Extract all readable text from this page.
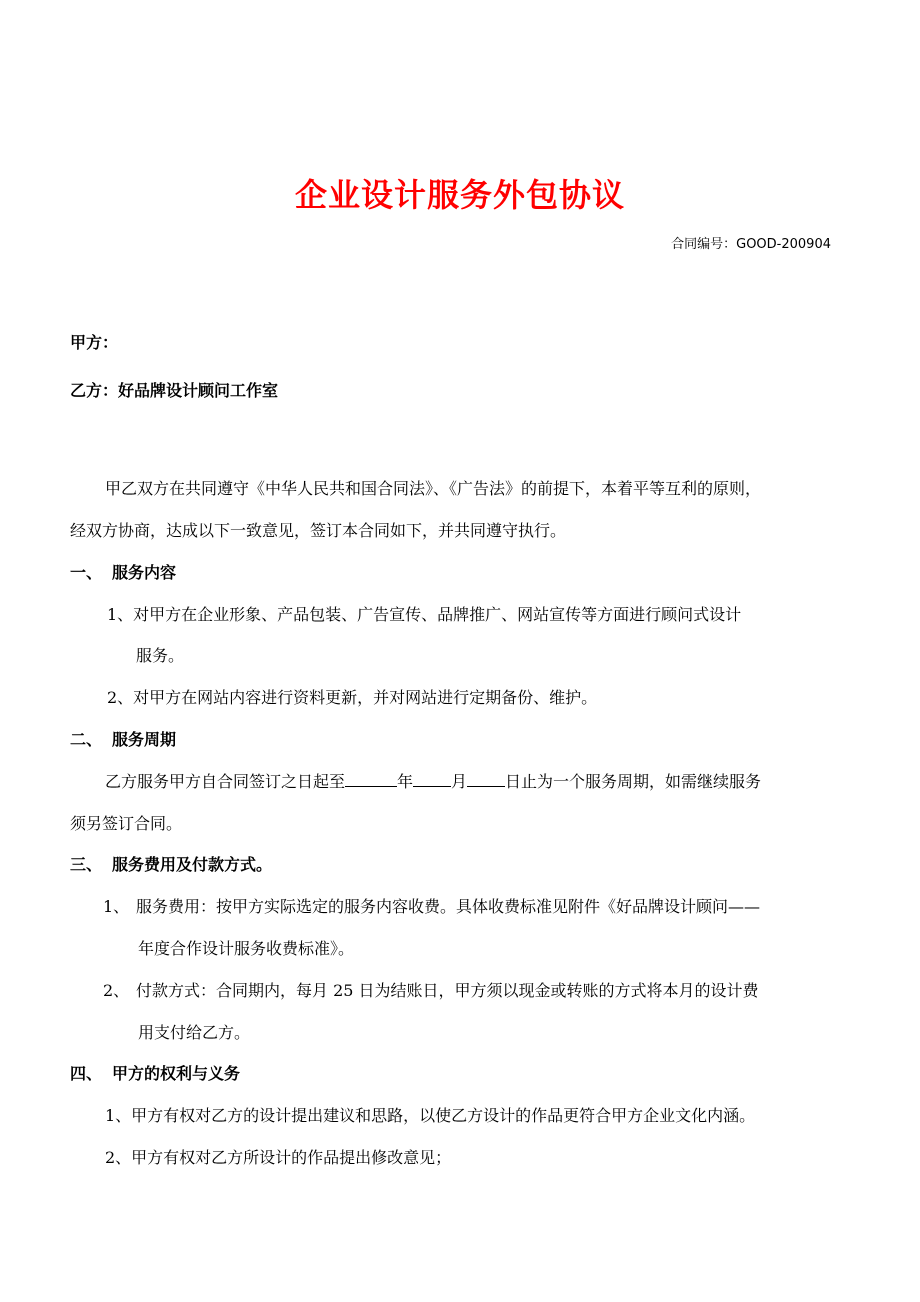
企业设计服务外包协议
合同编号：GOOD-200904
甲方：
乙方：好品牌设计顾问工作室
甲乙双方在共同遵守《中华人民共和国合同法》、《广告法》的前提下，本着平等互利的原则，
经双方协商，达成以下一致意见，签订本合同如下，并共同遵守执行。
一、 服务内容
1、对甲方在企业形象、产品包装、广告宣传、品牌推广、网站宣传等方面进行顾问式设计
服务。
2、对甲方在网站内容进行资料更新，并对网站进行定期备份、维护。
二、 服务周期
乙方服务甲方自合同签订之日起至	年 月 日止为一个服务周期，如需继续服务
须另签订合同。
三、 服务费用及付款方式。
1、 服务费用：按甲方实际选定的服务内容收费。具体收费标准见附件《好品牌设计顾问——
年度合作设计服务收费标准》。
2、 付款方式：合同期内，每月 25 日为结账日，甲方须以现金或转账的方式将本月的设计费
用支付给乙方。
四、 甲方的权利与义务
1、甲方有权对乙方的设计提出建议和思路，以使乙方设计的作品更符合甲方企业文化内涵。
2、甲方有权对乙方所设计的作品提出修改意见；
